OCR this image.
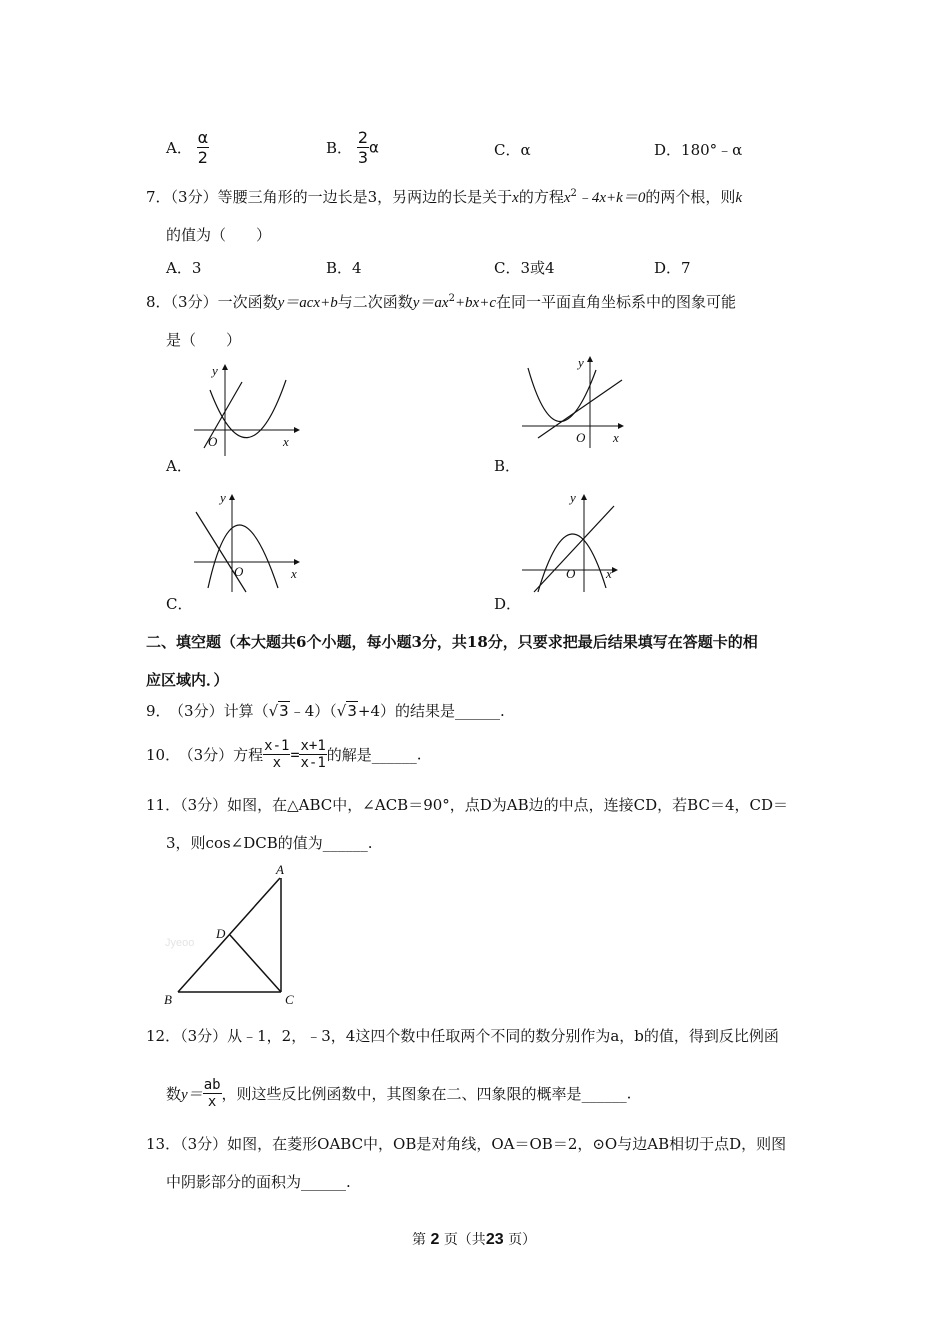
A． $\frac{\alpha}{2}$	B． $\frac{2}{3}$ α	C．α	D．180°﹣α
7．（3分）等腰三角形的一边长是3，另两边的长是关于x的方程$x^2﹣4x+k=0$的两个根，则k
的值为（　　）
A．3	B．4	C．3或4	D．7
8．（3分）一次函数y＝acx+b与二次函数$y=ax^2+bx+c$在同一平面直角坐标系中的图象可能
是（　　）
y
x
O
A．
y
x
O
B．
y
x
O
C．
y
x
O
D．
二、填空题（本大题共6个小题，每小题3分，共18分，只要求把最后结果填写在答题卡的相
应区域内．）
9． （3分）计算（√3﹣4）（√3+4）的结果是______.
10． （3分）方程 $\frac{x-1}{x} = \frac{x+1}{x-1}$ 的解是______.
11．（3分）如图，在△ABC中，∠ACB＝90°，点D为AB边的中点，连接CD，若BC＝4，CD＝
3，则cos∠DCB的值为______.
A
B	C
D
Jyeoo
12．（3分）从﹣1，2，﹣3，4这四个数中任取两个不同的数分别作为a，b的值，得到反比例函
数$y= \frac{ab}{x}$ ，则这些反比例函数中，其图象在二、四象限的概率是______.
13．（3分）如图，在菱形OABC中，OB是对角线，OA＝OB＝2，⊙O与边AB相切于点D，则图
中阴影部分的面积为______.
第 2 页（共23 页）
